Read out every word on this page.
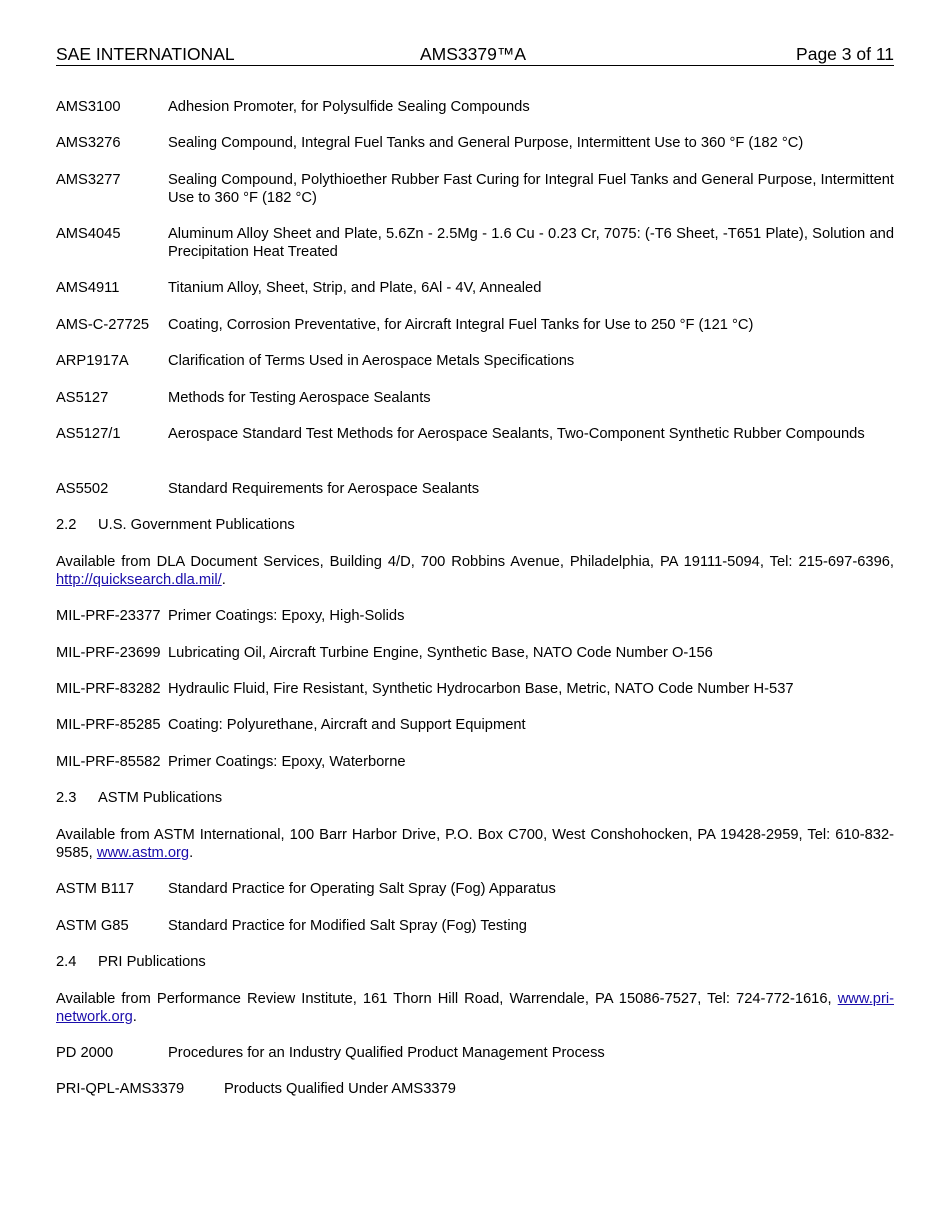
SAE INTERNATIONAL	AMS3379™A	Page 3 of 11
AMS3100	Adhesion Promoter, for Polysulfide Sealing Compounds
AMS3276	Sealing Compound, Integral Fuel Tanks and General Purpose, Intermittent Use to 360 °F (182 °C)
AMS3277	Sealing Compound, Polythioether Rubber Fast Curing for Integral Fuel Tanks and General Purpose, Intermittent Use to 360 °F (182 °C)
AMS4045	Aluminum Alloy Sheet and Plate, 5.6Zn - 2.5Mg - 1.6 Cu - 0.23 Cr, 7075: (-T6 Sheet, -T651 Plate), Solution and Precipitation Heat Treated
AMS4911	Titanium Alloy, Sheet, Strip, and Plate, 6Al - 4V, Annealed
AMS-C-27725 Coating, Corrosion Preventative, for Aircraft Integral Fuel Tanks for Use to 250 °F (121 °C)
ARP1917A	Clarification of Terms Used in Aerospace Metals Specifications
AS5127	Methods for Testing Aerospace Sealants
AS5127/1	Aerospace Standard Test Methods for Aerospace Sealants, Two-Component Synthetic Rubber Compounds
AS5502	Standard Requirements for Aerospace Sealants
2.2 U.S. Government Publications
Available from DLA Document Services, Building 4/D, 700 Robbins Avenue, Philadelphia, PA 19111-5094, Tel: 215-697-6396, http://quicksearch.dla.mil/.
MIL-PRF-23377 Primer Coatings: Epoxy, High-Solids
MIL-PRF-23699 Lubricating Oil, Aircraft Turbine Engine, Synthetic Base, NATO Code Number O-156
MIL-PRF-83282 Hydraulic Fluid, Fire Resistant, Synthetic Hydrocarbon Base, Metric, NATO Code Number H-537
MIL-PRF-85285 Coating: Polyurethane, Aircraft and Support Equipment
MIL-PRF-85582 Primer Coatings: Epoxy, Waterborne
2.3 ASTM Publications
Available from ASTM International, 100 Barr Harbor Drive, P.O. Box C700, West Conshohocken, PA 19428-2959, Tel: 610-832-9585, www.astm.org.
ASTM B117 Standard Practice for Operating Salt Spray (Fog) Apparatus
ASTM G85	Standard Practice for Modified Salt Spray (Fog) Testing
2.4 PRI Publications
Available from Performance Review Institute, 161 Thorn Hill Road, Warrendale, PA 15086-7527, Tel: 724-772-1616, www.pri-network.org.
PD 2000	Procedures for an Industry Qualified Product Management Process
PRI-QPL-AMS3379	Products Qualified Under AMS3379
